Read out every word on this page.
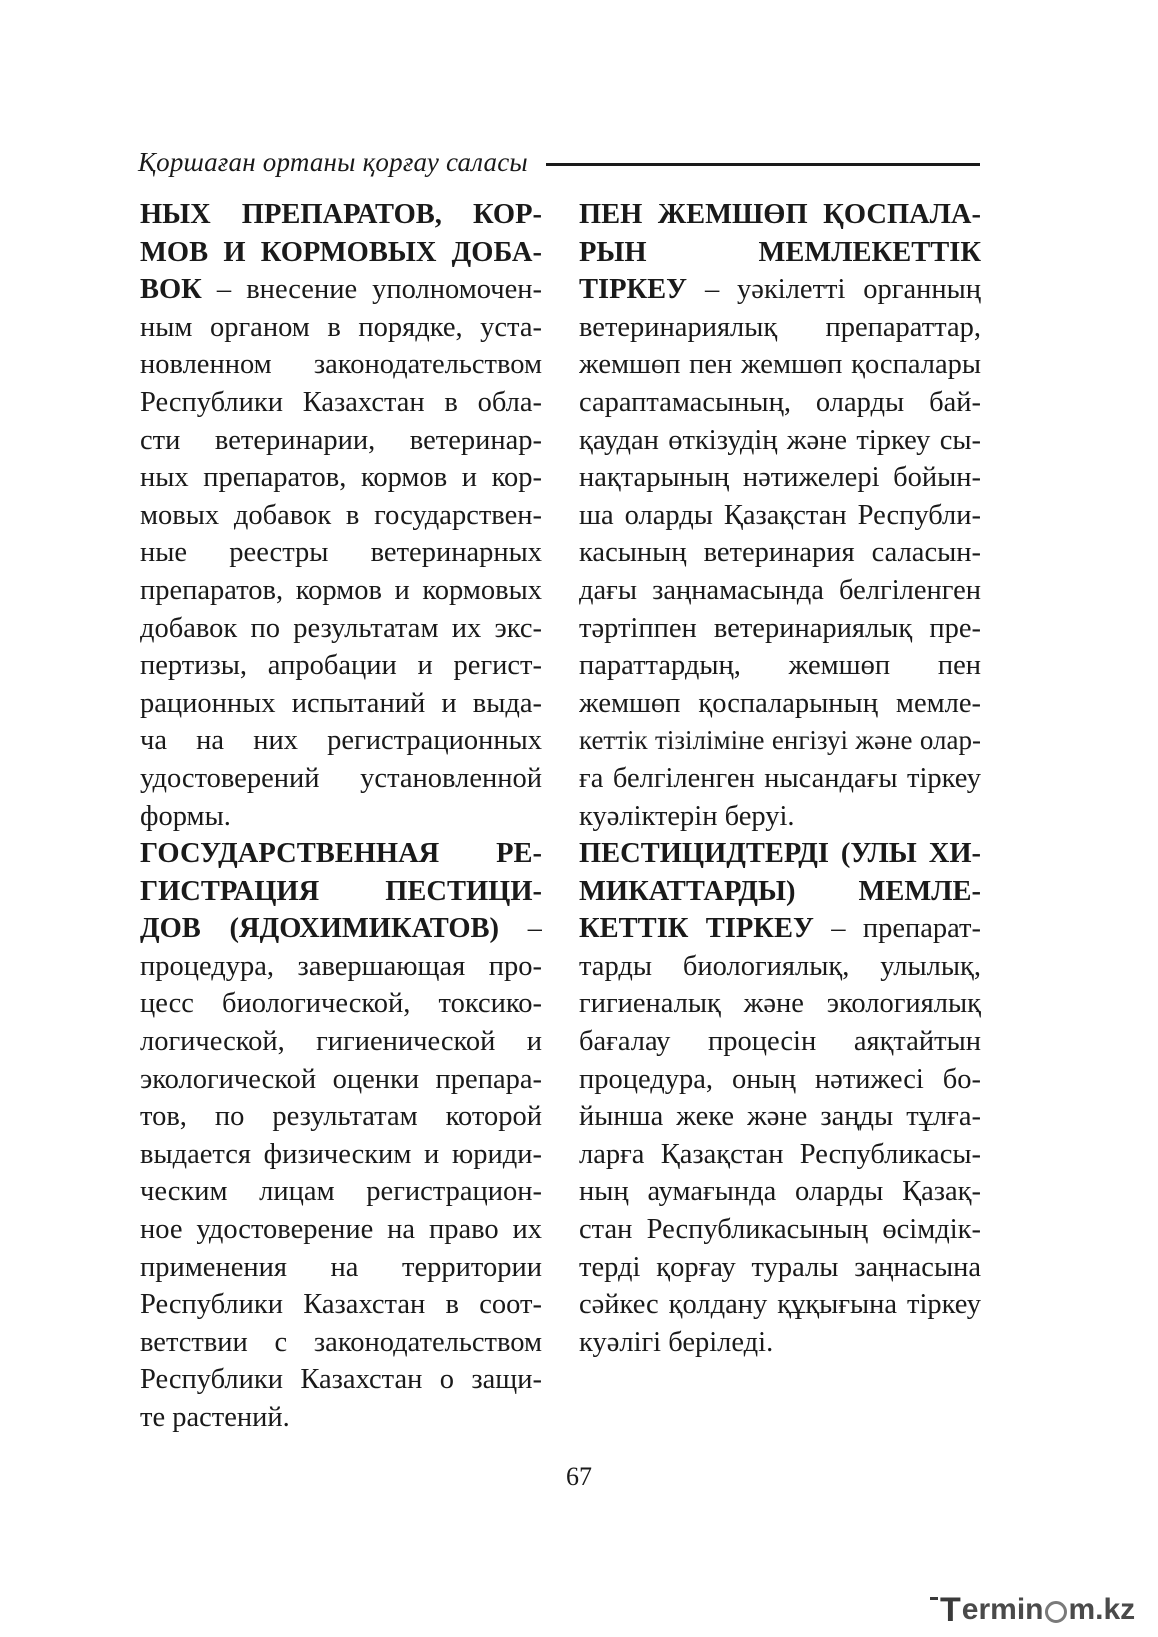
Қоршаған ортаны қорғау саласы
НЫХ ПРЕПАРАТОВ, КОР-
МОВ И КОРМОВЫХ ДОБА-
ВОК – внесение уполномочен-
ным органом в порядке, уста-
новленном законодательством
Республики Казахстан в обла-
сти ветеринарии, ветеринар-
ных препаратов, кормов и кор-
мовых добавок в государствен-
ные реестры ветеринарных
препаратов, кормов и кормовых
добавок по результатам их экс-
пертизы, апробации и регист-
рационных испытаний и выда-
ча на них регистрационных
удостоверений установленной
формы.
ГОСУДАРСТВЕННАЯ РЕ-
ГИСТРАЦИЯ ПЕСТИЦИ-
ДОВ (ЯДОХИМИКАТОВ) –
процедура, завершающая про-
цесс биологической, токсико-
логической, гигиенической и
экологической оценки препара-
тов, по результатам которой
выдается физическим и юриди-
ческим лицам регистрацион-
ное удостоверение на право их
применения на территории
Республики Казахстан в соот-
ветствии с законодательством
Республики Казахстан о защи-
те растений.
ПЕН ЖЕМШӨП ҚОСПАЛА-
РЫН МЕМЛЕКЕТТІК
ТІРКЕУ – уәкілетті органның
ветеринариялық препараттар,
жемшөп пен жемшөп қоспалары
сараптамасының, оларды бай-
қаудан өткізудің және тіркеу сы-
нақтарының нәтижелері бойын-
ша оларды Қазақстан Республи-
касының ветеринария саласын-
дағы заңнамасында белгіленген
тәртіппен ветеринариялық пре-
параттардың, жемшөп пен
жемшөп қоспаларының мемле-
кеттік тізіліміне енгізуі және олар-
ға белгіленген нысандағы тіркеу
куәліктерін беруі.
ПЕСТИЦИДТЕРДІ (УЛЫ ХИ-
МИКАТТАРДЫ) МЕМЛЕ-
КЕТТІК ТІРКЕУ – препарат-
тарды биологиялық, улылық,
гигиеналық және экологиялық
бағалау процесін аяқтайтын
процедура, оның нәтижесі бо-
йынша жеке және заңды тұлға-
ларға Қазақстан Республикасы-
ның аумағында оларды Қазақ-
стан Республикасының өсімдік-
терді қорғау туралы заңнасына
сәйкес қолдану құқығына тіркеу
куәлігі беріледі.
67
T ermin m.kz
